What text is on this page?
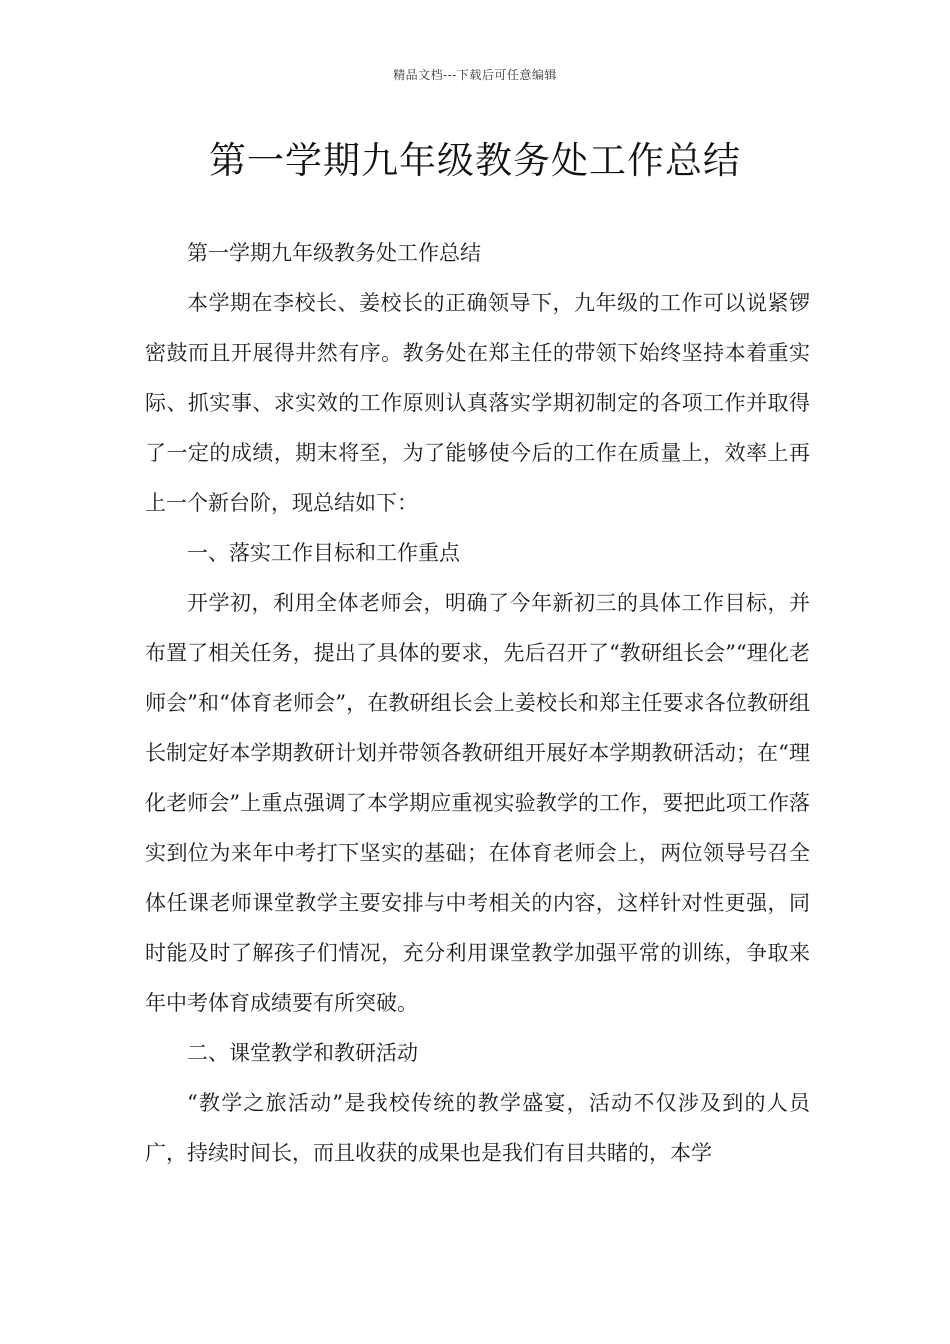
精品文档---下载后可任意编辑
第一学期九年级教务处工作总结

第一学期九年级教务处工作总结

本学期在李校长、姜校长的正确领导下，九年级的工作可以说紧锣密鼓而且开展得井然有序。教务处在郑主任的带领下始终坚持本着重实际、抓实事、求实效的工作原则认真落实学期初制定的各项工作并取得了一定的成绩，期末将至，为了能够使今后的工作在质量上，效率上再上一个新台阶，现总结如下：

一、落实工作目标和工作重点

开学初，利用全体老师会，明确了今年新初三的具体工作目标，并布置了相关任务，提出了具体的要求，先后召开了“教研组长会”“理化老师会”和“体育老师会”，在教研组长会上姜校长和郑主任要求各位教研组长制定好本学期教研计划并带领各教研组开展好本学期教研活动；在“理化老师会”上重点强调了本学期应重视实验教学的工作，要把此项工作落实到位为来年中考打下坚实的基础；在体育老师会上，两位领导号召全体任课老师课堂教学主要安排与中考相关的内容，这样针对性更强，同时能及时了解孩子们情况，充分利用课堂教学加强平常的训练，争取来年中考体育成绩要有所突破。

二、课堂教学和教研活动

“教学之旅活动”是我校传统的教学盛宴，活动不仅涉及到的人员广，持续时间长，而且收获的成果也是我们有目共睹的，本学
